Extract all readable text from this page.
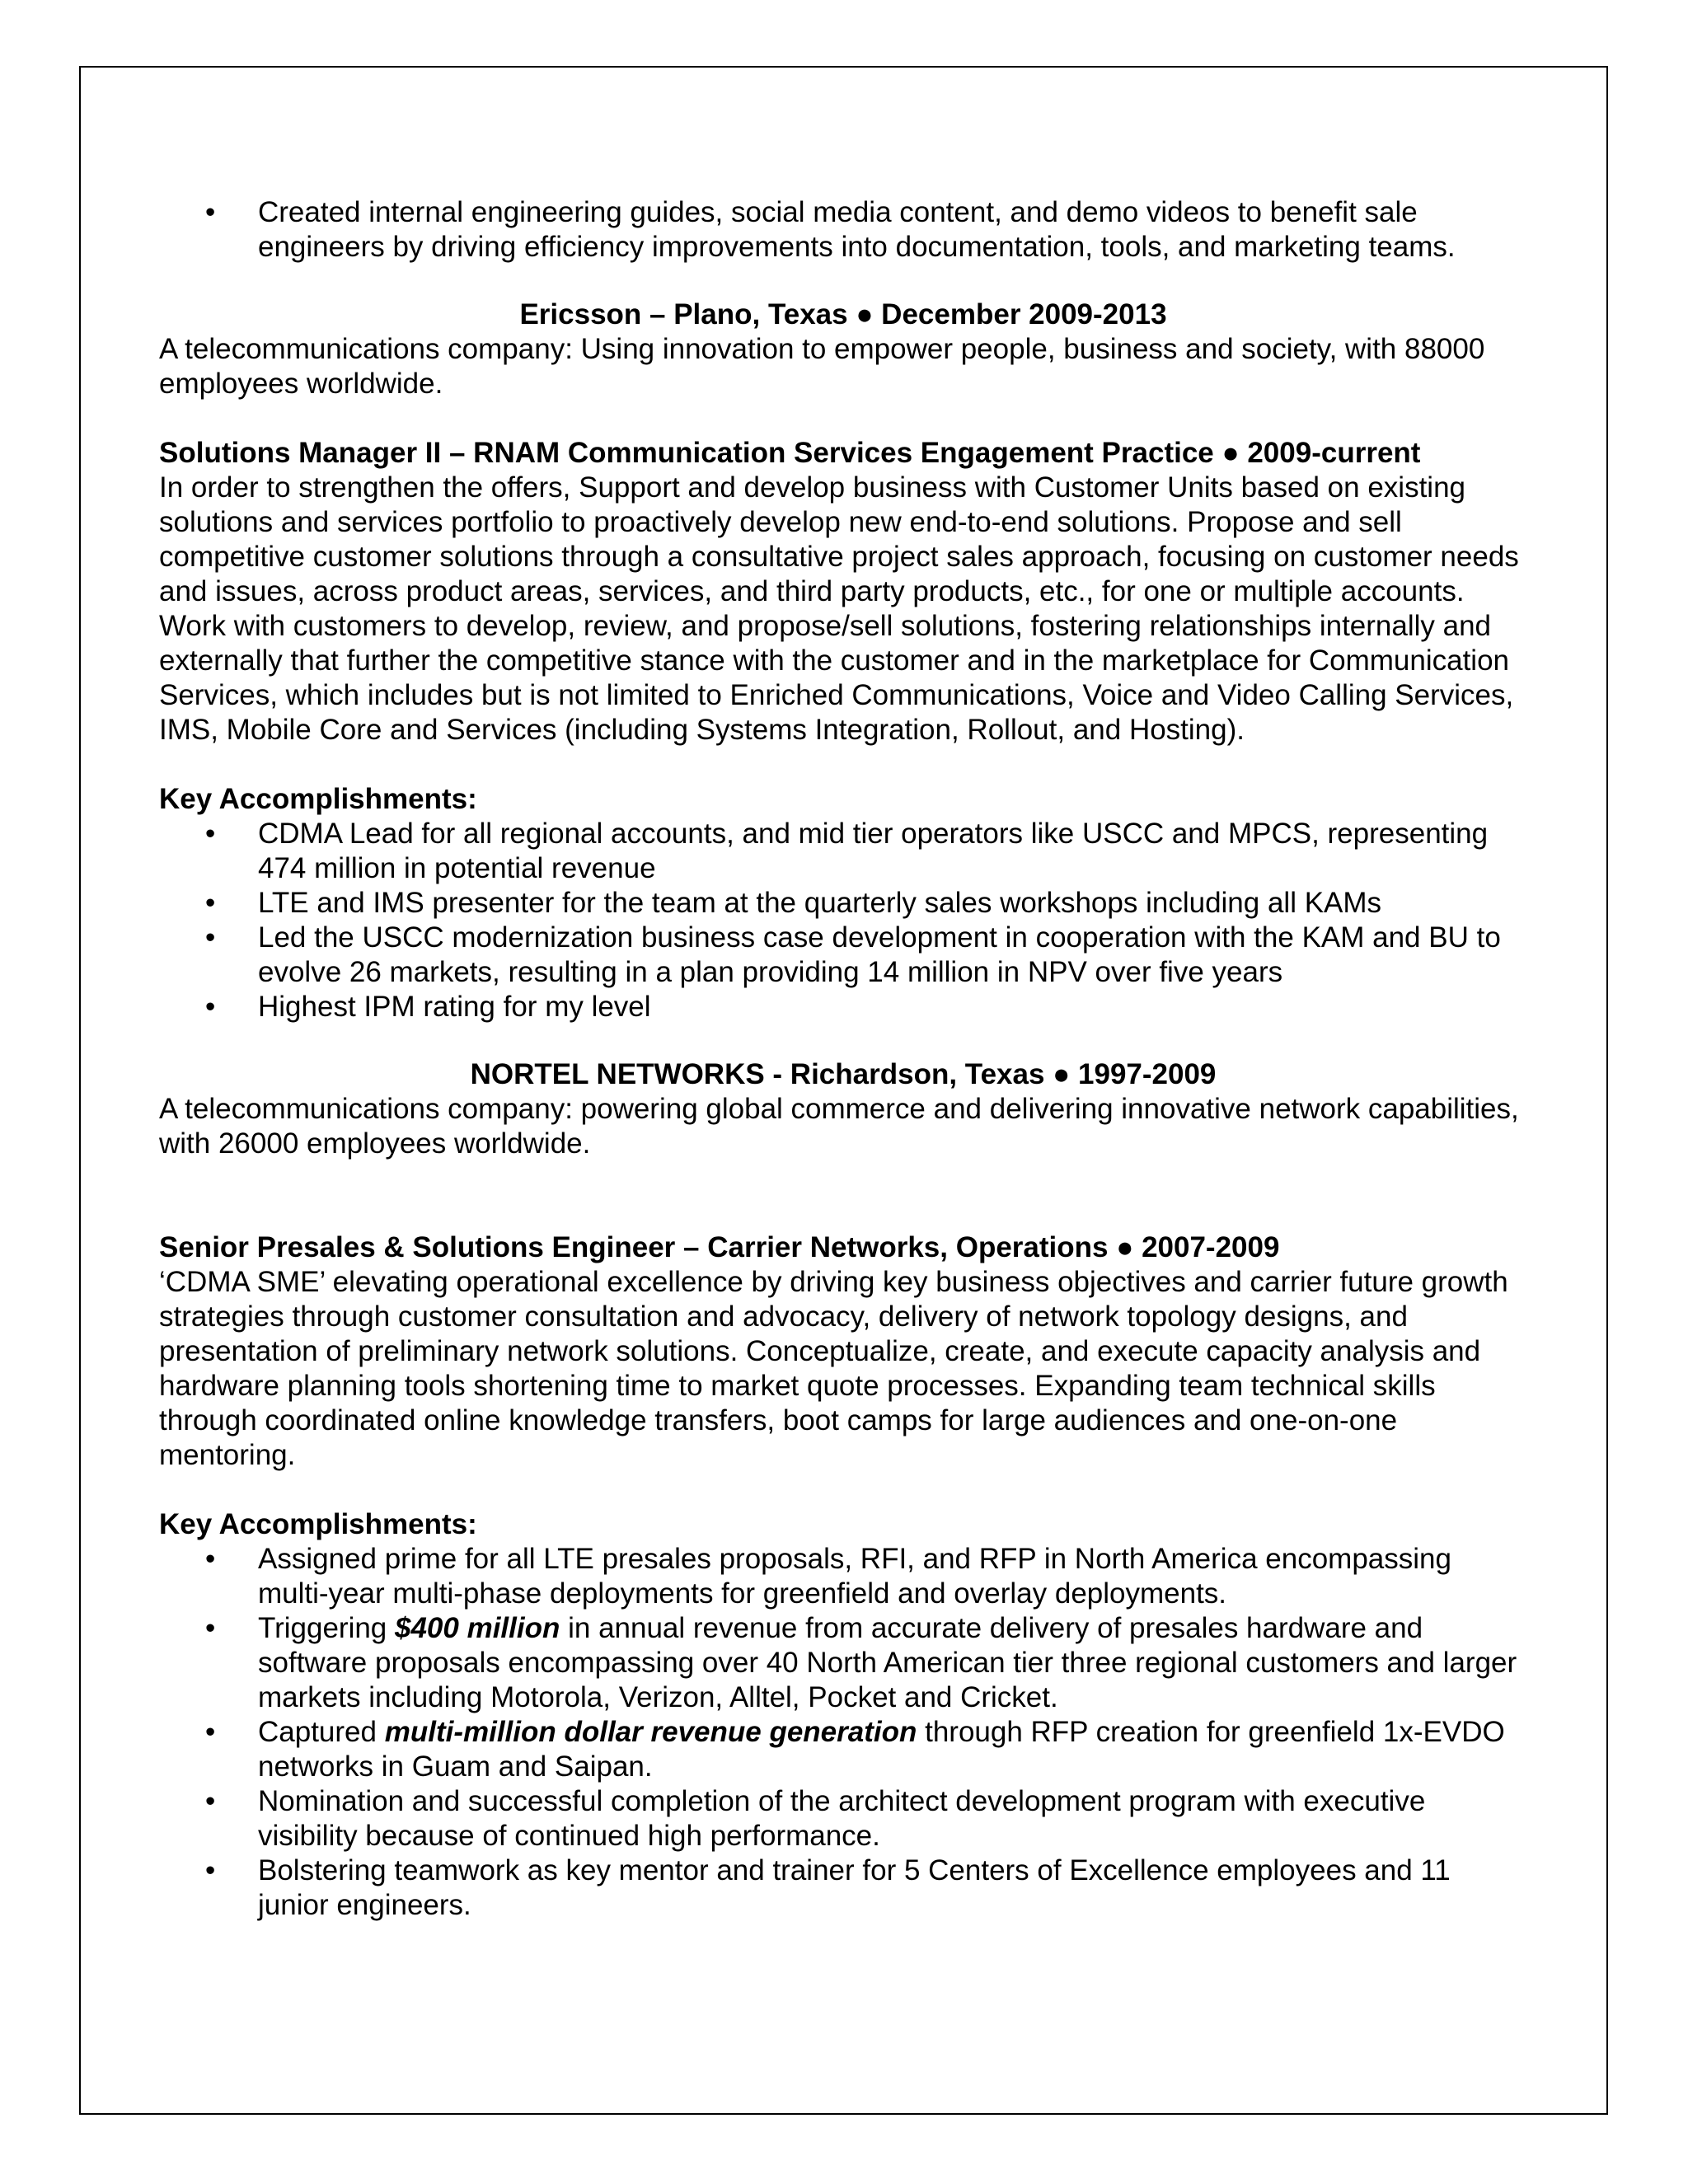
• Created internal engineering guides, social media content, and demo videos to benefit sale engineers by driving efficiency improvements into documentation, tools, and marketing teams.

Ericsson – Plano, Texas ● December 2009-2013

A telecommunications company: Using innovation to empower people, business and society, with 88000 employees worldwide.

Solutions Manager II – RNAM Communication Services Engagement Practice ● 2009-current

In order to strengthen the offers, Support and develop business with Customer Units based on existing solutions and services portfolio to proactively develop new end-to-end solutions. Propose and sell competitive customer solutions through a consultative project sales approach, focusing on customer needs and issues, across product areas, services, and third party products, etc., for one or multiple accounts. Work with customers to develop, review, and propose/sell solutions, fostering relationships internally and externally that further the competitive stance with the customer and in the marketplace for Communication Services, which includes but is not limited to Enriched Communications, Voice and Video Calling Services, IMS, Mobile Core and Services (including Systems Integration, Rollout, and Hosting).

Key Accomplishments:

• CDMA Lead for all regional accounts, and mid tier operators like USCC and MPCS, representing 474 million in potential revenue
• LTE and IMS presenter for the team at the quarterly sales workshops including all KAMs
• Led the USCC modernization business case development in cooperation with the KAM and BU to evolve 26 markets, resulting in a plan providing 14 million in NPV over five years
• Highest IPM rating for my level

NORTEL NETWORKS - Richardson, Texas ● 1997-2009

A telecommunications company: powering global commerce and delivering innovative network capabilities, with 26000 employees worldwide.

Senior Presales & Solutions Engineer – Carrier Networks, Operations ● 2007-2009

‘CDMA SME’ elevating operational excellence by driving key business objectives and carrier future growth strategies through customer consultation and advocacy, delivery of network topology designs, and presentation of preliminary network solutions. Conceptualize, create, and execute capacity analysis and hardware planning tools shortening time to market quote processes. Expanding team technical skills through coordinated online knowledge transfers, boot camps for large audiences and one-on-one mentoring.

Key Accomplishments:

• Assigned prime for all LTE presales proposals, RFI, and RFP in North America encompassing multi-year multi-phase deployments for greenfield and overlay deployments.
• Triggering $400 million in annual revenue from accurate delivery of presales hardware and software proposals encompassing over 40 North American tier three regional customers and larger markets including Motorola, Verizon, Alltel, Pocket and Cricket.
• Captured multi-million dollar revenue generation through RFP creation for greenfield 1x-EVDO networks in Guam and Saipan.
• Nomination and successful completion of the architect development program with executive visibility because of continued high performance.
• Bolstering teamwork as key mentor and trainer for 5 Centers of Excellence employees and 11 junior engineers.
